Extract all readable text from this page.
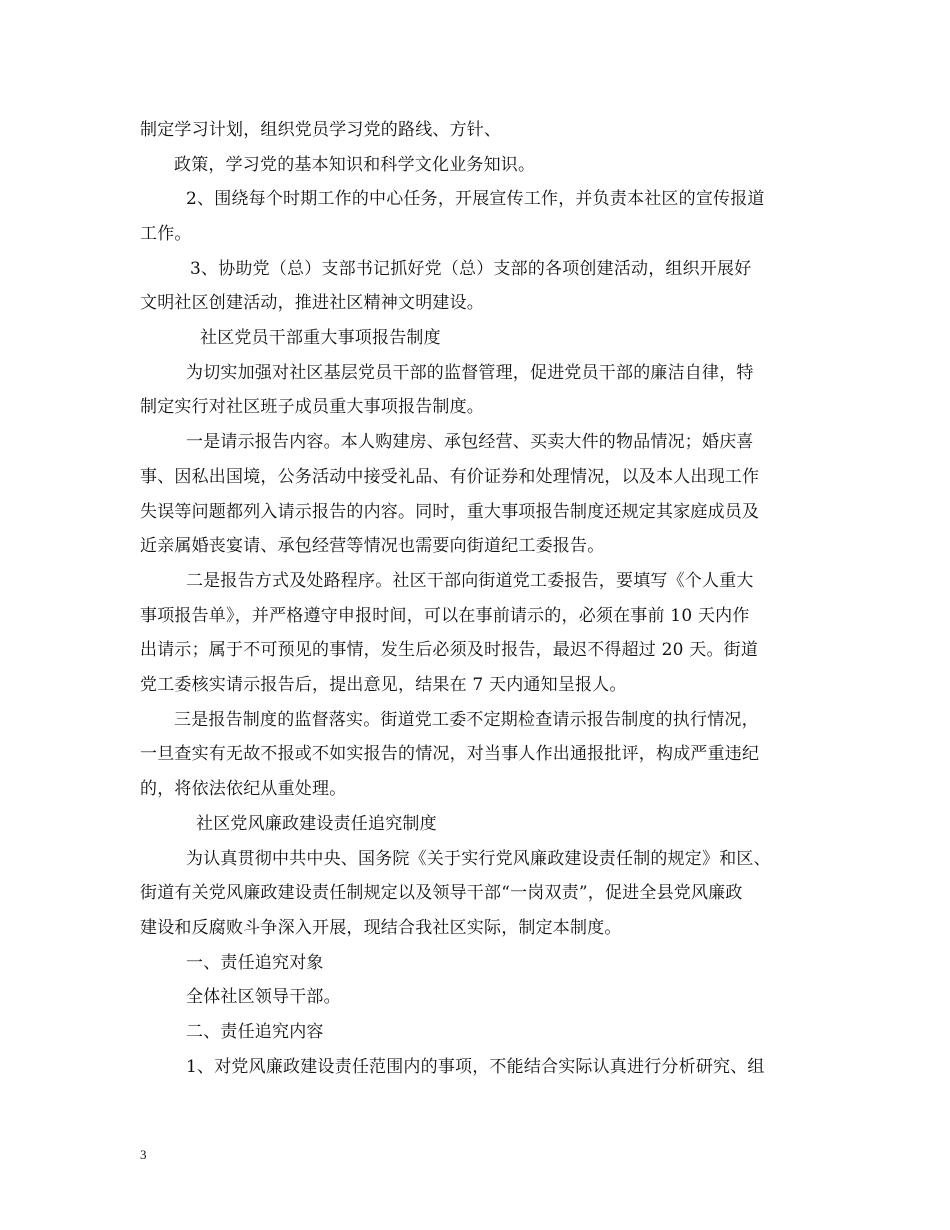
制定学习计划，组织党员学习党的路线、方针、
政策，学习党的基本知识和科学文化业务知识。
2、围绕每个时期工作的中心任务，开展宣传工作，并负责本社区的宣传报道
工作。
3、协助党（总）支部书记抓好党（总）支部的各项创建活动，组织开展好
文明社区创建活动，推进社区精神文明建设。
社区党员干部重大事项报告制度
为切实加强对社区基层党员干部的监督管理，促进党员干部的廉洁自律，特
制定实行对社区班子成员重大事项报告制度。
一是请示报告内容。本人购建房、承包经营、买卖大件的物品情况；婚庆喜
事、因私出国境，公务活动中接受礼品、有价证券和处理情况，以及本人出现工作
失误等问题都列入请示报告的内容。同时，重大事项报告制度还规定其家庭成员及
近亲属婚丧宴请、承包经营等情况也需要向街道纪工委报告。
二是报告方式及处路程序。社区干部向街道党工委报告，要填写《个人重大
事项报告单》，并严格遵守申报时间，可以在事前请示的，必须在事前 10 天内作
出请示；属于不可预见的事情，发生后必须及时报告，最迟不得超过 20 天。街道
党工委核实请示报告后，提出意见，结果在 7 天内通知呈报人。
三是报告制度的监督落实。街道党工委不定期检查请示报告制度的执行情况，
一旦查实有无故不报或不如实报告的情况，对当事人作出通报批评，构成严重违纪
的，将依法依纪从重处理。
社区党风廉政建设责任追究制度
为认真贯彻中共中央、国务院《关于实行党风廉政建设责任制的规定》和区、
街道有关党风廉政建设责任制规定以及领导干部“一岗双责”，促进全县党风廉政
建设和反腐败斗争深入开展，现结合我社区实际，制定本制度。
一、责任追究对象
全体社区领导干部。
二、责任追究内容
1、对党风廉政建设责任范围内的事项，不能结合实际认真进行分析研究、组
3
